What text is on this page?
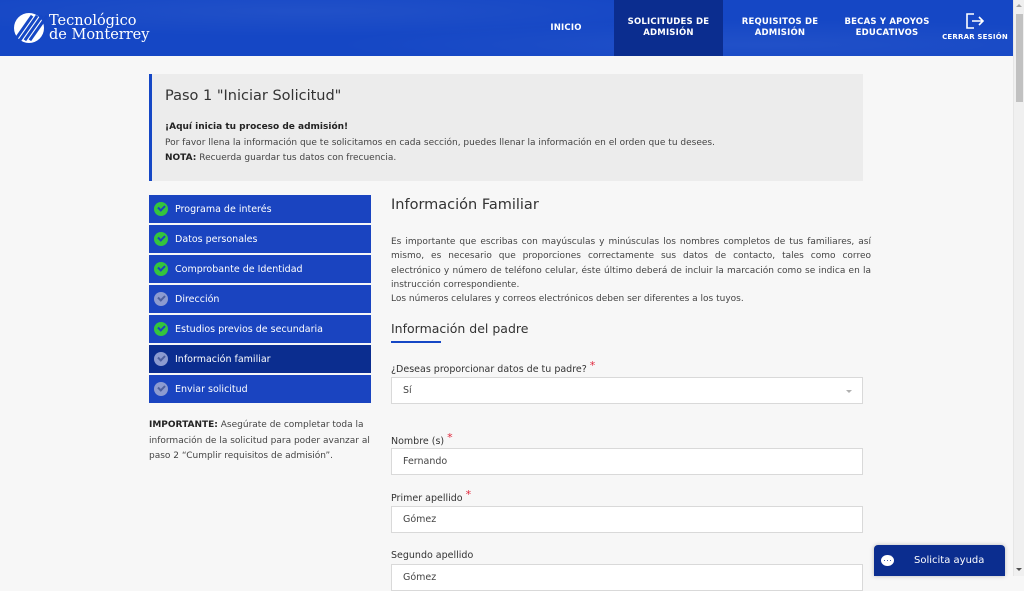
Tecnológico
de Monterrey	INICIO
SOLICITUDES DE ADMISIÓN
REQUISITOS DE ADMISIÓN
BECAS Y APOYOS EDUCATIVOS	CERRAR SESIÓN
Paso 1 "Iniciar Solicitud"
¡Aquí inicia tu proceso de admisión!
Por favor llena la información que te solicitamos en cada sección, puedes llenar la información en el orden que tu desees.
NOTA: Recuerda guardar tus datos con frecuencia.
Programa de interés
Datos personales
Comprobante de Identidad
Dirección
Estudios previos de secundaria
Información familiar
Enviar solicitud
IMPORTANTE: Asegúrate de completar toda la información de la solicitud para poder avanzar al paso 2 “Cumplir requisitos de admisión”.
Información Familiar

Es importante que escribas con mayúsculas y minúsculas los nombres completos de tus familiares, así mismo, es necesario que proporciones correctamente sus datos de contacto, tales como correo electrónico y número de teléfono celular, éste último deberá de incluir la marcación como se indica en la instrucción correspondiente.

Los números celulares y correos electrónicos deben ser diferentes a los tuyos.

Información del padre
¿Deseas proporcionar datos de tu padre? *
Sí
Nombre (s) *
Fernando
Primer apellido *
Gómez
Segundo apellido
Gómez
Solicita ayuda
